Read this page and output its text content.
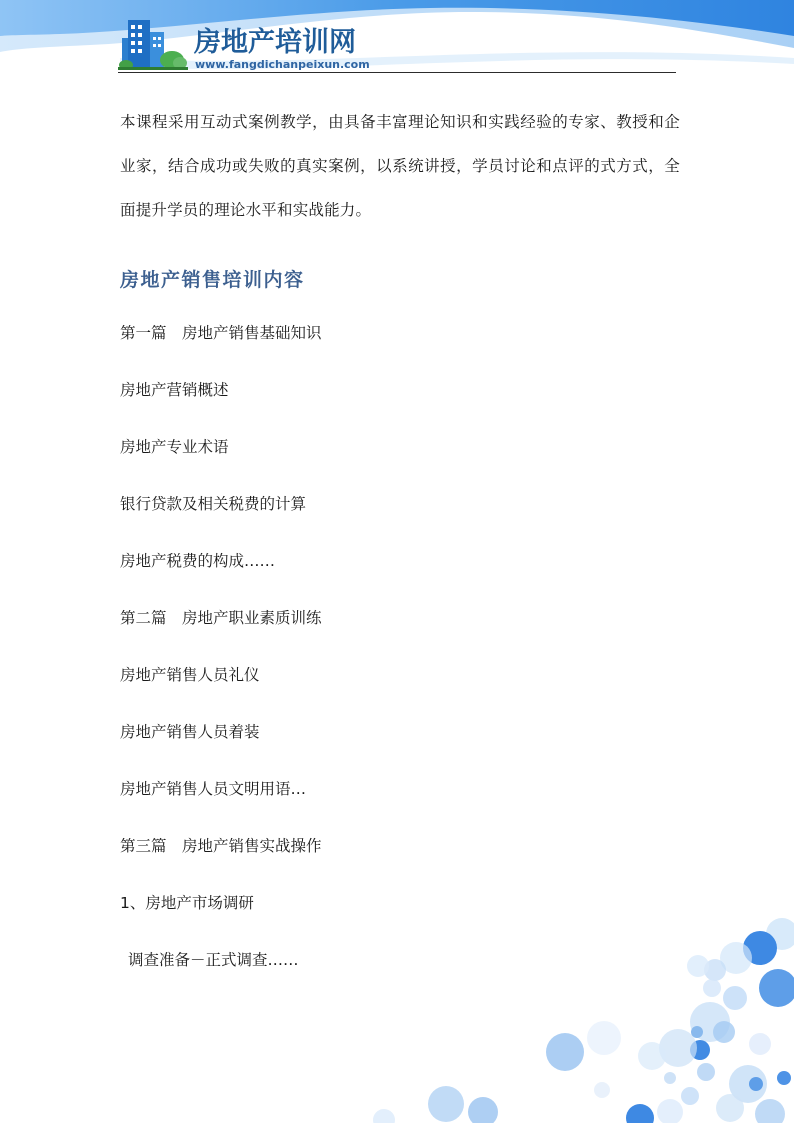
房地产培训网
www.fangdichanpeixun.com

本课程采用互动式案例教学，由具备丰富理论知识和实践经验的专家、教授和企业家，结合成功或失败的真实案例，以系统讲授，学员讨论和点评的式方式，全面提升学员的理论水平和实战能力。

房地产销售培训内容
第一篇　房地产销售基础知识
房地产营销概述
房地产专业术语
银行贷款及相关税费的计算
房地产税费的构成……
第二篇　房地产职业素质训练
房地产销售人员礼仪
房地产销售人员着装
房地产销售人员文明用语…
第三篇　房地产销售实战操作
1、房地产市场调研
调查准备－正式调查……
